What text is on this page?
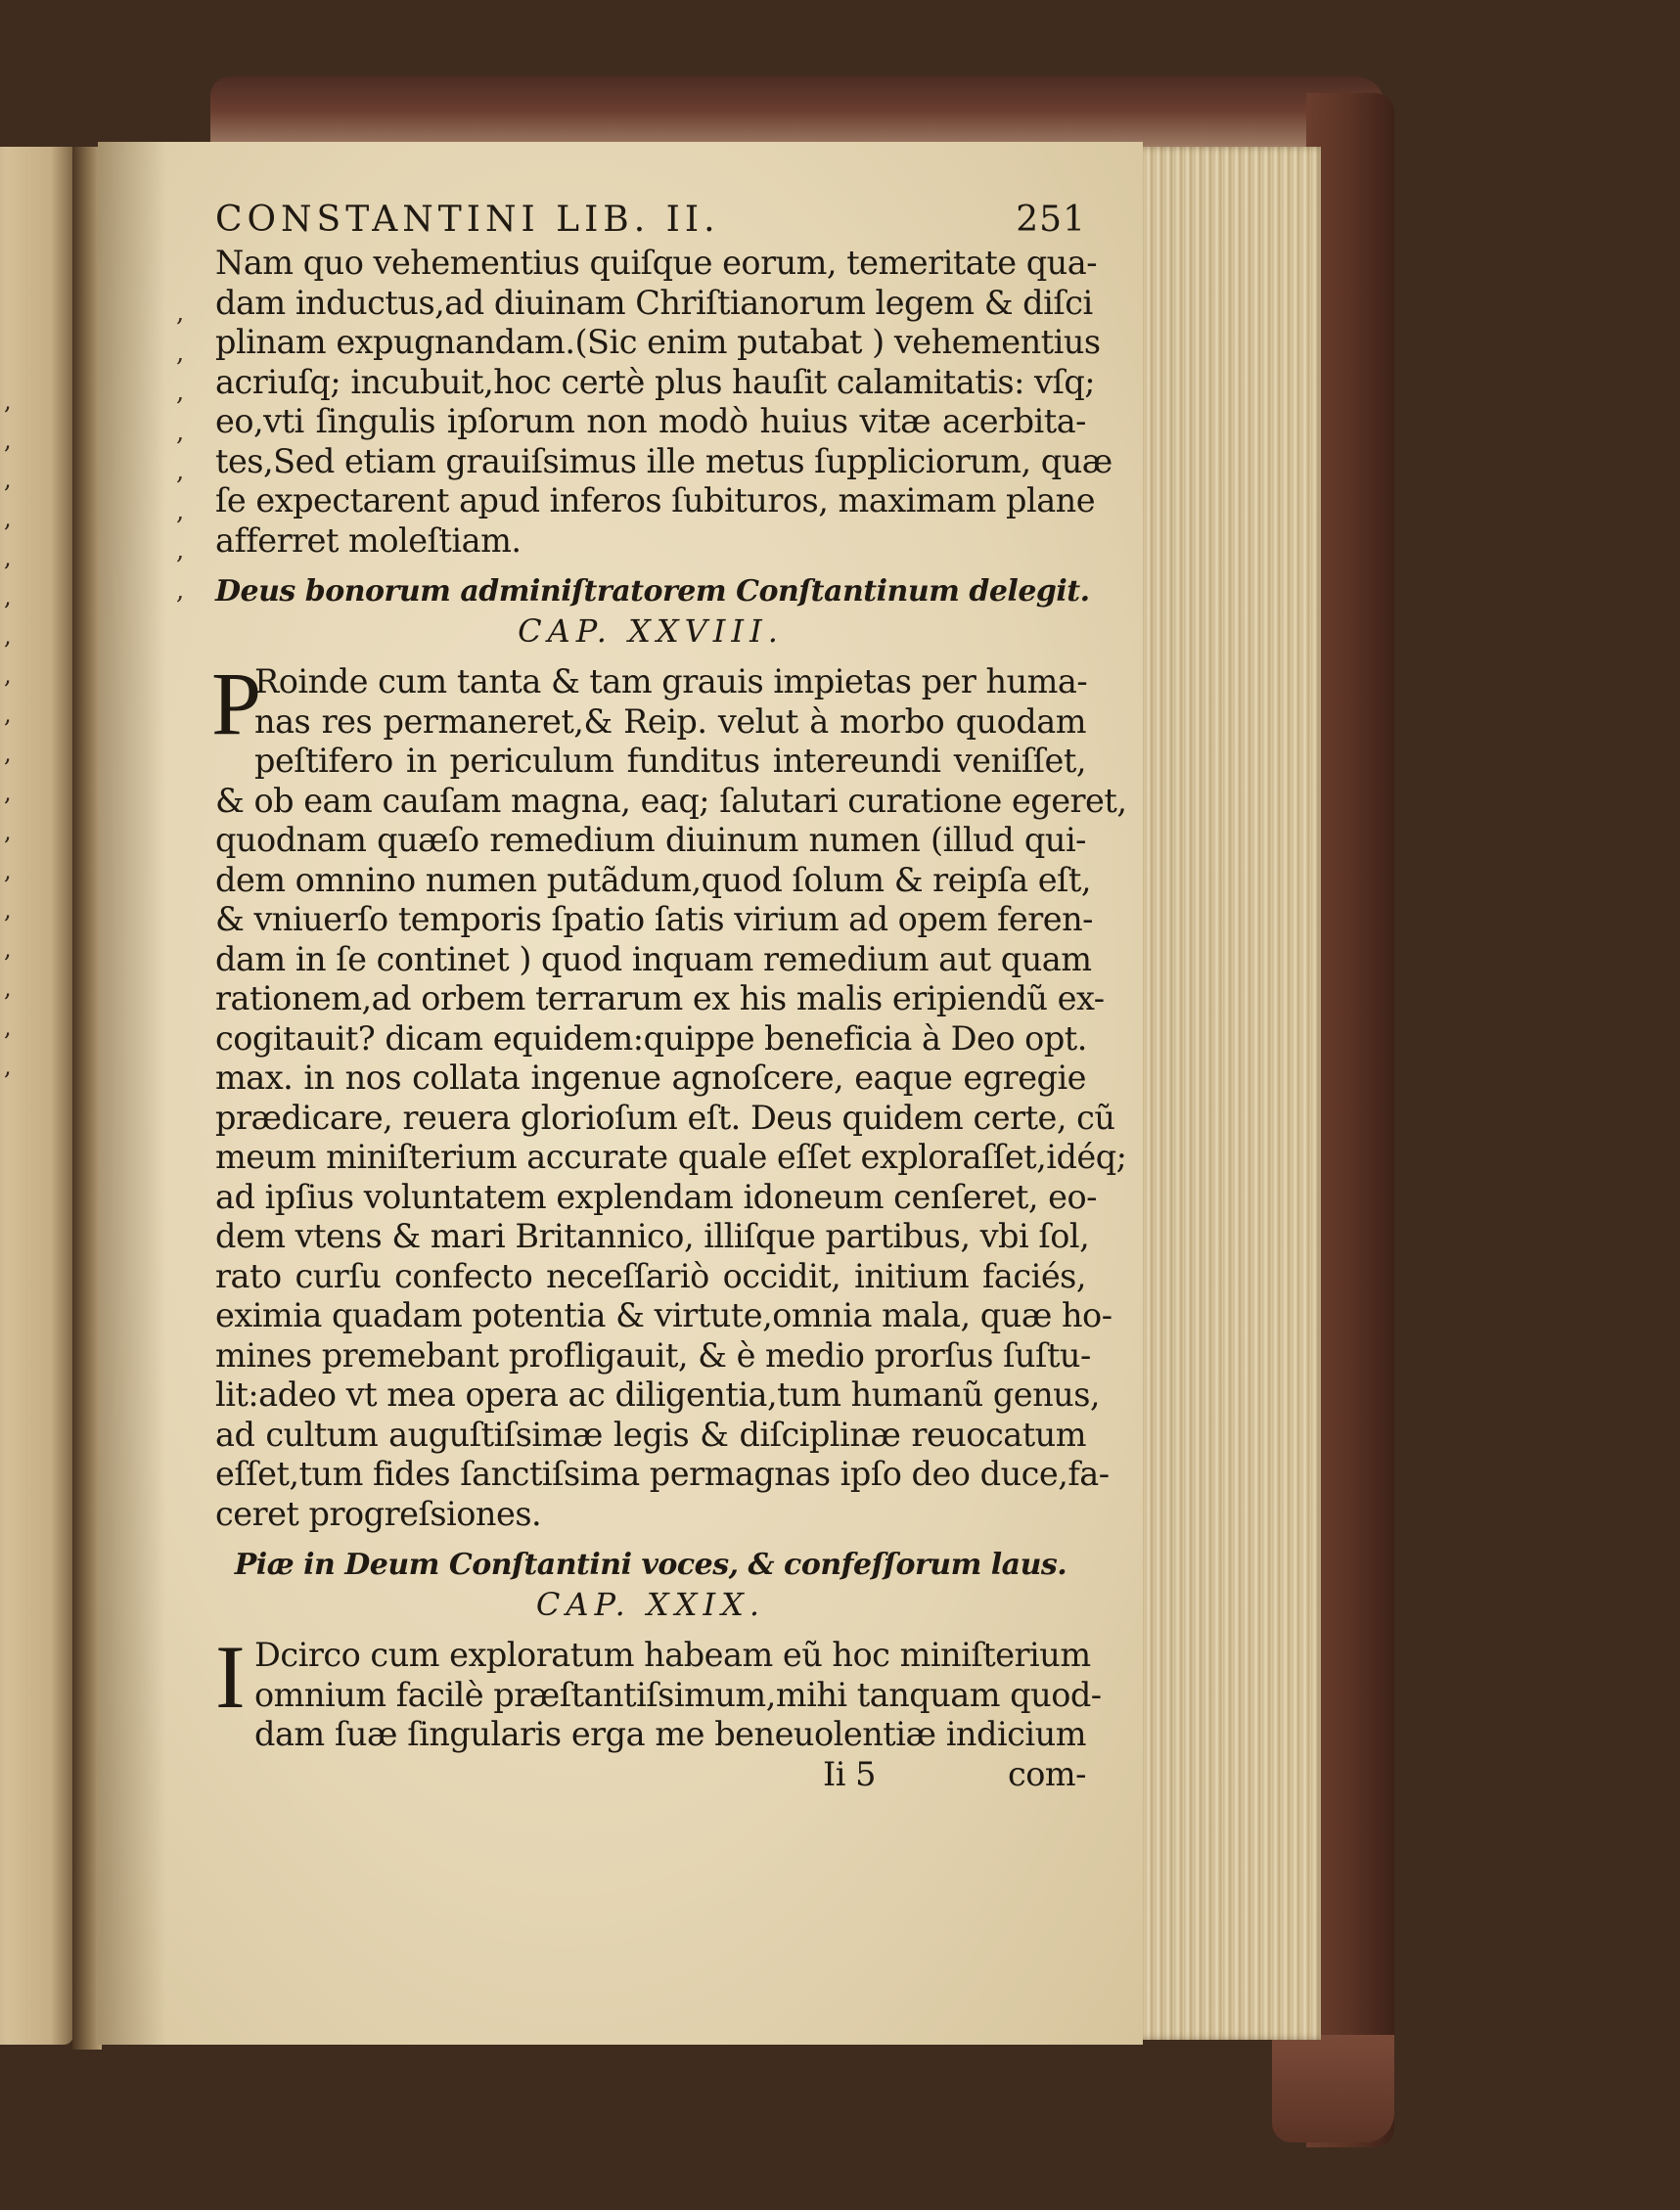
,
,
,
,
,
,
,
,
,
,
,
,
,
,
,
,
,
,
,
,
,
,
,
,
,
,
CONSTANTINI LIB. II.	251
Nam quo vehementius quiſque eorum, temeritate qua-
dam inductus,ad diuinam Chriſtianorum legem & diſci
plinam expugnandam.(Sic enim putabat ) vehementius
acriuſq; incubuit,hoc certè plus hauſit calamitatis: vſq;
eo,vti ſingulis ipſorum non modò huius vitæ acerbita-
tes,Sed etiam grauiſsimus ille metus ſuppliciorum, quæ
ſe expectarent apud inferos ſubituros, maximam plane
afferret moleſtiam.
Deus bonorum adminiſtratorem Conſtantinum delegit.
CAP. XXVIII.
P
Roinde cum tanta & tam grauis impietas per huma-
nas res permaneret,& Reip. velut à morbo quodam
peſtifero in periculum funditus intereundi veniſſet,
& ob eam cauſam magna, eaq; ſalutari curatione egeret,
quodnam quæſo remedium diuinum numen (illud qui-
dem omnino numen putãdum,quod ſolum & reipſa eſt,
& vniuerſo temporis ſpatio ſatis virium ad opem feren-
dam in ſe continet ) quod inquam remedium aut quam
rationem,ad orbem terrarum ex his malis eripiendũ ex-
cogitauit? dicam equidem:quippe beneficia à Deo opt.
max. in nos collata ingenue agnoſcere, eaque egregie
prædicare, reuera glorioſum eſt. Deus quidem certe, cũ
meum miniſterium accurate quale eſſet exploraſſet,idéq;
ad ipſius voluntatem explendam idoneum cenſeret, eo-
dem vtens & mari Britannico, illiſque partibus, vbi ſol,
rato curſu confecto neceſſariò occidit, initium faciés,
eximia quadam potentia & virtute,omnia mala, quæ ho-
mines premebant profligauit, & è medio prorſus ſuſtu-
lit:adeo vt mea opera ac diligentia,tum humanũ genus,
ad cultum auguſtiſsimæ legis & diſciplinæ reuocatum
eſſet,tum fides ſanctiſsima permagnas ipſo deo duce,fa-
ceret progreſsiones.
Piæ in Deum Conſtantini voces, & confeſſorum laus.
CAP. XXIX.
I Dcirco cum exploratum habeam eũ hoc miniſterium
omnium facilè præſtantiſsimum,mihi tanquam quod-
dam ſuæ ſingularis erga me beneuolentiæ indicium
Ii 5	com-
